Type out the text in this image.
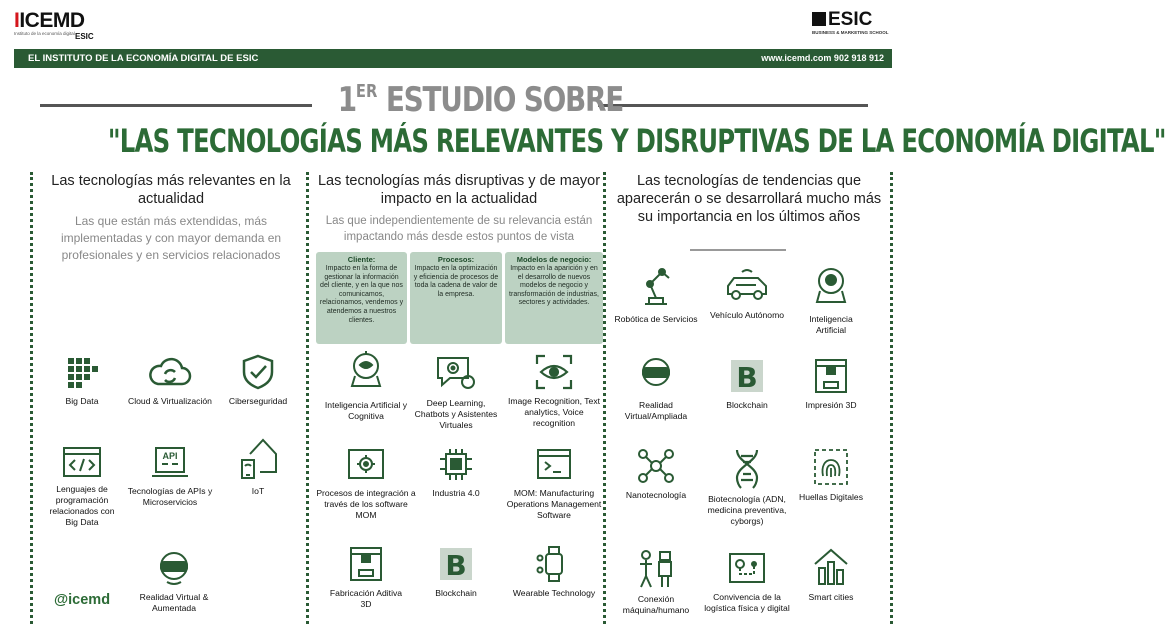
IICEMD
Instituto de la economía digital ESIC
ESIC
BUSINESS & MARKETING SCHOOL
EL INSTITUTO DE LA ECONOMÍA DIGITAL DE ESIC	www.icemd.com 902 918 912
1ER ESTUDIO SOBRE
"LAS TECNOLOGÍAS MÁS RELEVANTES Y DISRUPTIVAS DE LA ECONOMÍA DIGITAL"
Las tecnologías más relevantes en la actualidad
Las que están más extendidas, más implementadas y con mayor demanda en profesionales y en servicios relacionados
Las tecnologías más disruptivas y de mayor impacto en la actualidad
Las que independientemente de su relevancia están impactando más desde estos puntos de vista
Las tecnologías de tendencias que aparecerán o se desarrollará mucho más su importancia en los últimos años
Cliente:
Impacto en la forma de gestionar la información del cliente, y en la que nos comunicamos, relacionamos, vendemos y atendemos a nuestros clientes.
Procesos:
Impacto en la optimización y eficiencia de procesos de toda la cadena de valor de la empresa.
Modelos de negocio:
Impacto en la aparición y en el desarrollo de nuevos modelos de negocio y transformación de industrias, sectores y actividades.
Big Data	Cloud & Virtualización	Ciberseguridad
Lenguajes de programación relacionados con Big Data
API
Tecnologías de APIs y Microservicios
IoT
Realidad Virtual & Aumentada
@icemd
Inteligencia Artificial y Cognitiva
Deep Learning, Chatbots y Asistentes Virtuales
Image Recognition, Text analytics, Voice recognition
Procesos de integración a través de los software MOM
Industria 4.0	MOM: Manufacturing Operations Management Software
Fabricación Aditiva 3D
B
Blockchain	Wearable Technology
Robótica de Servicios	Vehículo Autónomo	Inteligencia Artificial
Realidad Virtual/Ampliada
B
Blockchain	Impresión 3D
Nanotecnología	Biotecnología (ADN, medicina preventiva, cyborgs)
Huellas Digitales
Conexión máquina/humano
Convivencia de la logística física y digital
Smart cities
